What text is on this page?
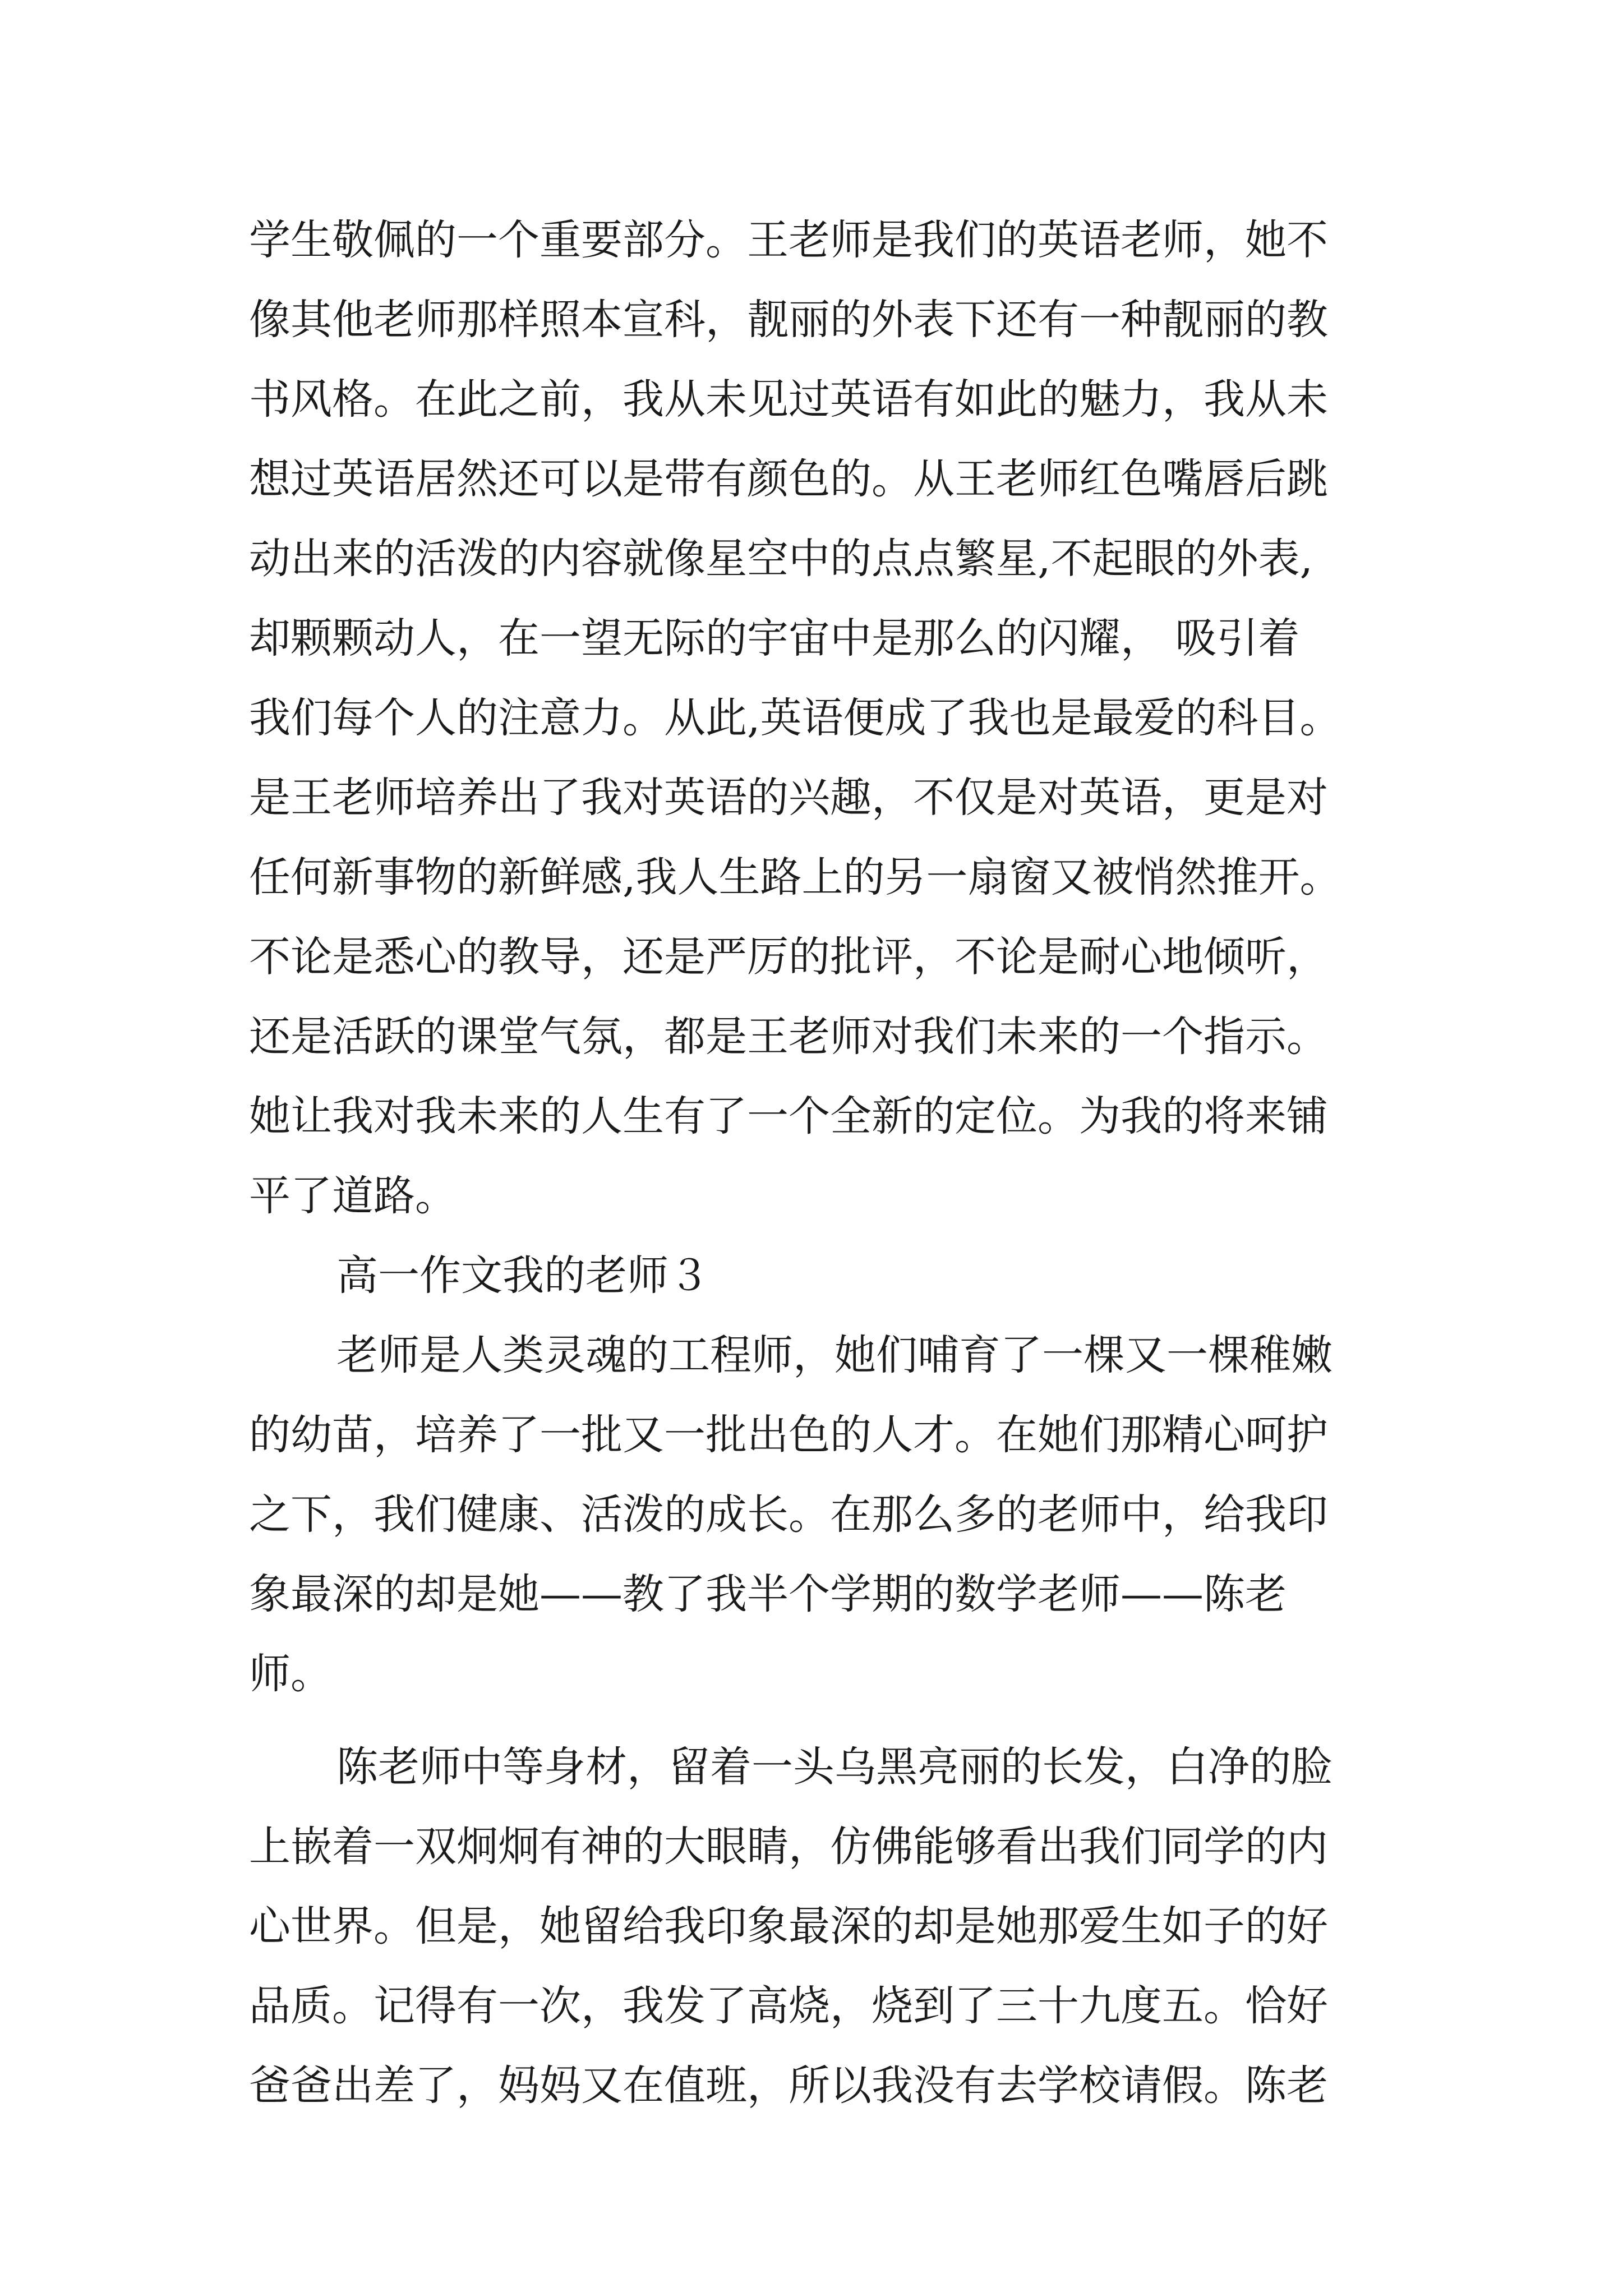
学生敬佩的一个重要部分。王老师是我们的英语老师，她不
像其他老师那样照本宣科，靓丽的外表下还有一种靓丽的教
书风格。在此之前，我从未见过英语有如此的魅力，我从未
想过英语居然还可以是带有颜色的。从王老师红色嘴唇后跳
动出来的活泼的内容就像星空中的点点繁星,不起眼的外表,
却颗颗动人，在一望无际的宇宙中是那么的闪耀， 吸引着
我们每个人的注意力。从此,英语便成了我也是最爱的科目。
是王老师培养出了我对英语的兴趣，不仅是对英语，更是对
任何新事物的新鲜感,我人生路上的另一扇窗又被悄然推开。
不论是悉心的教导，还是严厉的批评，不论是耐心地倾听，
还是活跃的课堂气氛，都是王老师对我们未来的一个指示。
她让我对我未来的人生有了一个全新的定位。为我的将来铺
平了道路。
高一作文我的老师３
老师是人类灵魂的工程师，她们哺育了一棵又一棵稚嫩
的幼苗，培养了一批又一批出色的人才。在她们那精心呵护
之下，我们健康、活泼的成长。在那么多的老师中，给我印
象最深的却是她——教了我半个学期的数学老师——陈老
师。
陈老师中等身材，留着一头乌黑亮丽的长发，白净的脸
上嵌着一双炯炯有神的大眼睛，仿佛能够看出我们同学的内
心世界。但是，她留给我印象最深的却是她那爱生如子的好
品质。记得有一次，我发了高烧，烧到了三十九度五。恰好
爸爸出差了，妈妈又在值班，所以我没有去学校请假。陈老
